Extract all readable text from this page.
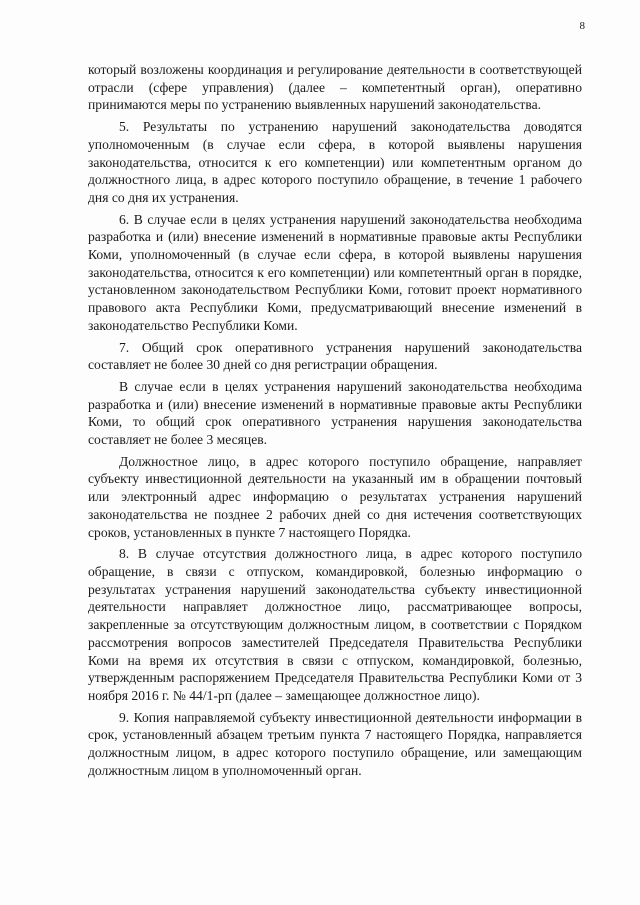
8

который возложены координация и регулирование деятельности в соответствующей отрасли (сфере управления) (далее – компетентный орган), оперативно принимаются меры по устранению выявленных нарушений законодательства.

5. Результаты по устранению нарушений законодательства доводятся уполномоченным (в случае если сфера, в которой выявлены нарушения законодательства, относится к его компетенции) или компетентным органом до должностного лица, в адрес которого поступило обращение, в течение 1 рабочего дня со дня их устранения.

6. В случае если в целях устранения нарушений законодательства необходима разработка и (или) внесение изменений в нормативные правовые акты Республики Коми, уполномоченный (в случае если сфера, в которой выявлены нарушения законодательства, относится к его компетенции) или компетентный орган в порядке, установленном законодательством Республики Коми, готовит проект нормативного правового акта Республики Коми, предусматривающий внесение изменений в законодательство Республики Коми.

7. Общий срок оперативного устранения нарушений законодательства составляет не более 30 дней со дня регистрации обращения.

В случае если в целях устранения нарушений законодательства необходима разработка и (или) внесение изменений в нормативные правовые акты Республики Коми, то общий срок оперативного устранения нарушения законодательства составляет не более 3 месяцев.

Должностное лицо, в адрес которого поступило обращение, направляет субъекту инвестиционной деятельности на указанный им в обращении почтовый или электронный адрес информацию о результатах устранения нарушений законодательства не позднее 2 рабочих дней со дня истечения соответствующих сроков, установленных в пункте 7 настоящего Порядка.

8. В случае отсутствия должностного лица, в адрес которого поступило обращение, в связи с отпуском, командировкой, болезнью информацию о результатах устранения нарушений законодательства субъекту инвестиционной деятельности направляет должностное лицо, рассматривающее вопросы, закрепленные за отсутствующим должностным лицом, в соответствии с Порядком рассмотрения вопросов заместителей Председателя Правительства Республики Коми на время их отсутствия в связи с отпуском, командировкой, болезнью, утвержденным распоряжением Председателя Правительства Республики Коми от 3 ноября 2016 г. № 44/1-рп (далее – замещающее должностное лицо).

9. Копия направляемой субъекту инвестиционной деятельности информации в срок, установленный абзацем третьим пункта 7 настоящего Порядка, направляется должностным лицом, в адрес которого поступило обращение, или замещающим должностным лицом в уполномоченный орган.
